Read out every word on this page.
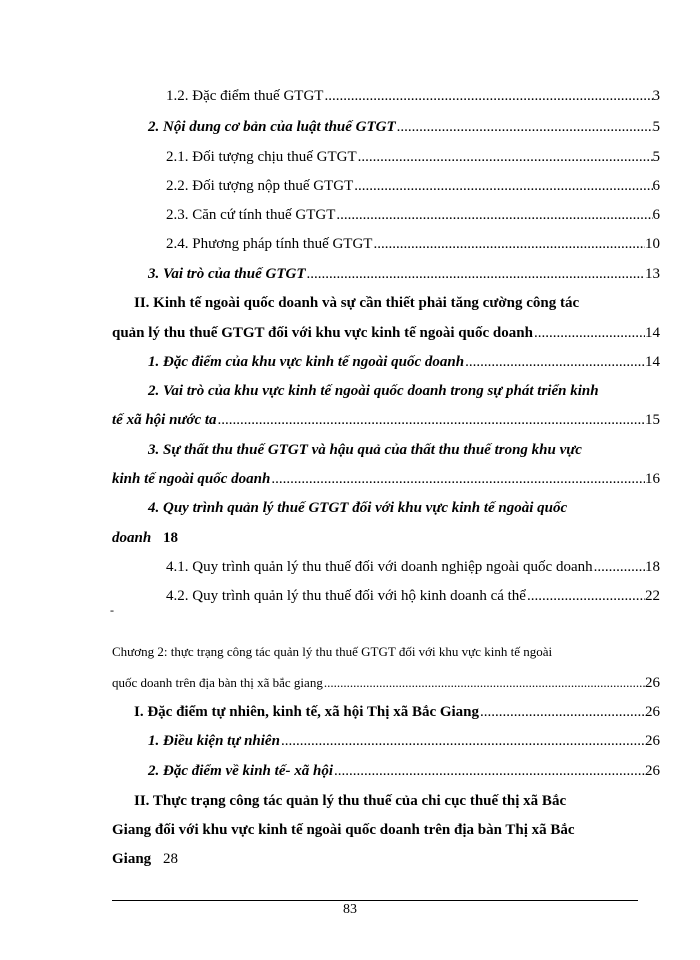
1.2. Đặc điểm thuế GTGT .....	3
2. Nội dung cơ bản của luật thuế GTGT .....	5
2.1. Đối tượng chịu thuế GTGT .....	5
2.2. Đối tượng nộp thuế GTGT .....	6
2.3. Căn cứ tính thuế GTGT .....	6
2.4. Phương pháp tính thuế GTGT .....	10
3. Vai trò của thuế GTGT .....	13
II. Kinh tế ngoài quốc doanh và sự cần thiết phải tăng cường công tác
quản lý thu thuế GTGT đối với khu vực kinh tế ngoài quốc doanh .....	14
1. Đặc điểm của khu vực kinh tế ngoài quốc doanh .....	14
2. Vai trò của khu vực kinh tế ngoài quốc doanh trong sự phát triển kinh
tế xã hội nước ta .....	15
3. Sự thất thu thuế GTGT và hậu quả của thất thu thuế trong khu vực
kinh tế ngoài quốc doanh .....	16
4. Quy trình quản lý thuế GTGT đối với khu vực kinh tế ngoài quốc
doanh 18
4.1. Quy trình quản lý thu thuế đối với doanh nghiệp ngoài quốc doanh .....	18
4.2. Quy trình quản lý thu thuế đối với hộ kinh doanh cá thể .....	22
-
Chương 2: thực trạng công tác quản lý thu thuế GTGT đối với khu vực kinh tế ngoài
quốc doanh trên địa bàn thị xã bắc giang .....	26
I. Đặc điểm tự nhiên, kinh tế, xã hội Thị xã Bắc Giang .....	26
1. Điều kiện tự nhiên .....	26
2. Đặc điểm về kinh tế- xã hội .....	26
II. Thực trạng công tác quản lý thu thuế của chi cục thuế thị xã Bắc
Giang đối với khu vực kinh tế ngoài quốc doanh trên địa bàn Thị xã Bắc
Giang 28
83
